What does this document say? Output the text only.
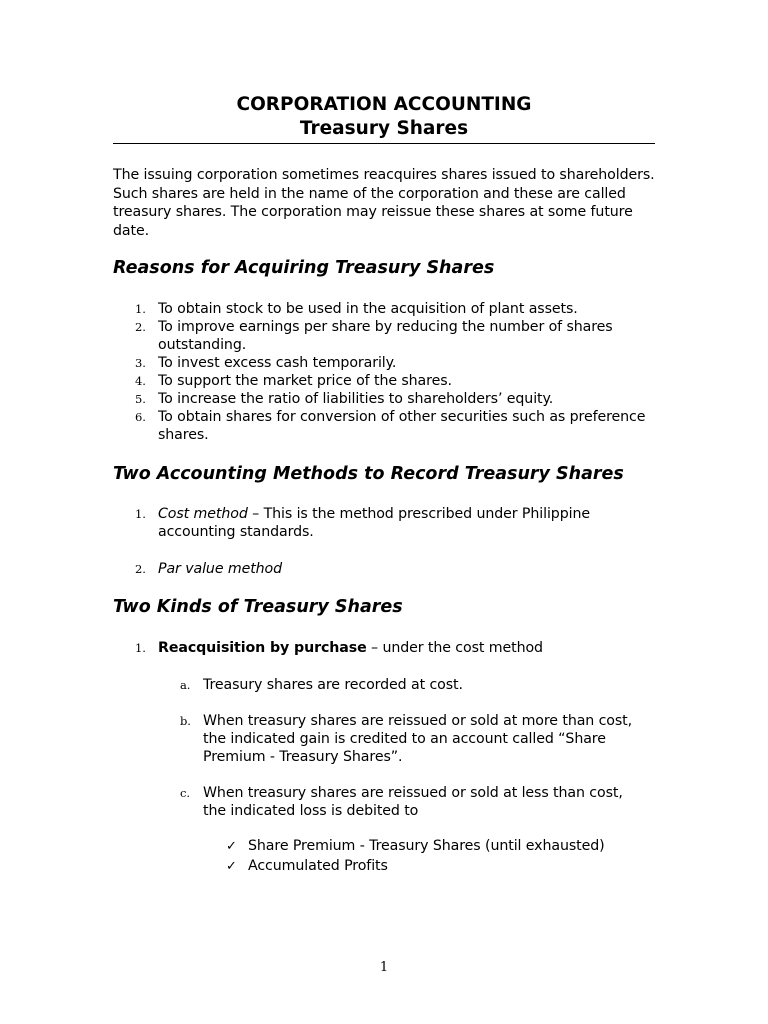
CORPORATION ACCOUNTING
Treasury Shares
The issuing corporation sometimes reacquires shares issued to shareholders. Such shares are held in the name of the corporation and these are called treasury shares. The corporation may reissue these shares at some future date.
Reasons for Acquiring Treasury Shares
1. To obtain stock to be used in the acquisition of plant assets.
2. To improve earnings per share by reducing the number of shares outstanding.
3. To invest excess cash temporarily.
4. To support the market price of the shares.
5. To increase the ratio of liabilities to shareholders’ equity.
6. To obtain shares for conversion of other securities such as preference shares.
Two Accounting Methods to Record Treasury Shares
1. Cost method – This is the method prescribed under Philippine accounting standards.
2. Par value method
Two Kinds of Treasury Shares
1. Reacquisition by purchase – under the cost method
a. Treasury shares are recorded at cost.
b. When treasury shares are reissued or sold at more than cost, the indicated gain is credited to an account called “Share Premium - Treasury Shares”.
c. When treasury shares are reissued or sold at less than cost, the indicated loss is debited to
✓ Share Premium - Treasury Shares (until exhausted)
✓ Accumulated Profits
1
